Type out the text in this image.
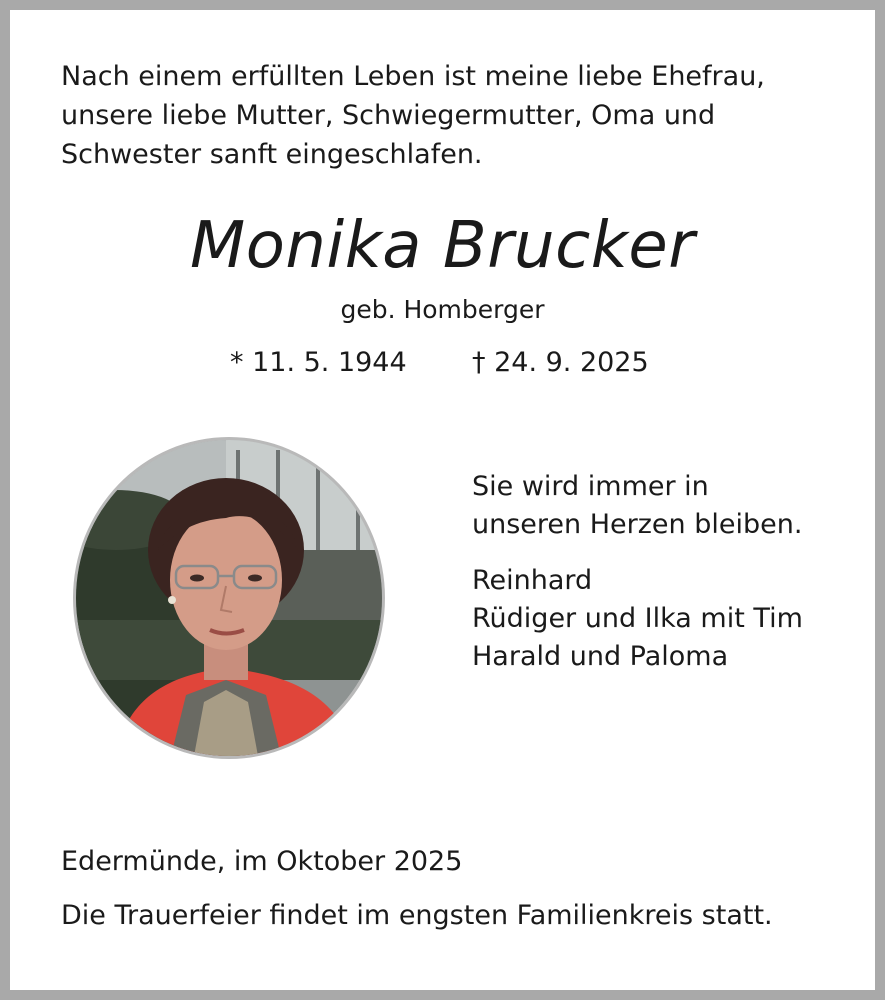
Nach einem erfüllten Leben ist meine liebe Ehefrau,
unsere liebe Mutter, Schwiegermutter, Oma und
Schwester sanft eingeschlafen.

Monika Brucker
geb. Homberger
* 11. 5. 1944 † 24. 9. 2025
Sie wird immer in
unseren Herzen bleiben.
Reinhard
Rüdiger und Ilka mit Tim
Harald und Paloma
Edermünde, im Oktober 2025
Die Trauerfeier findet im engsten Familienkreis statt.
